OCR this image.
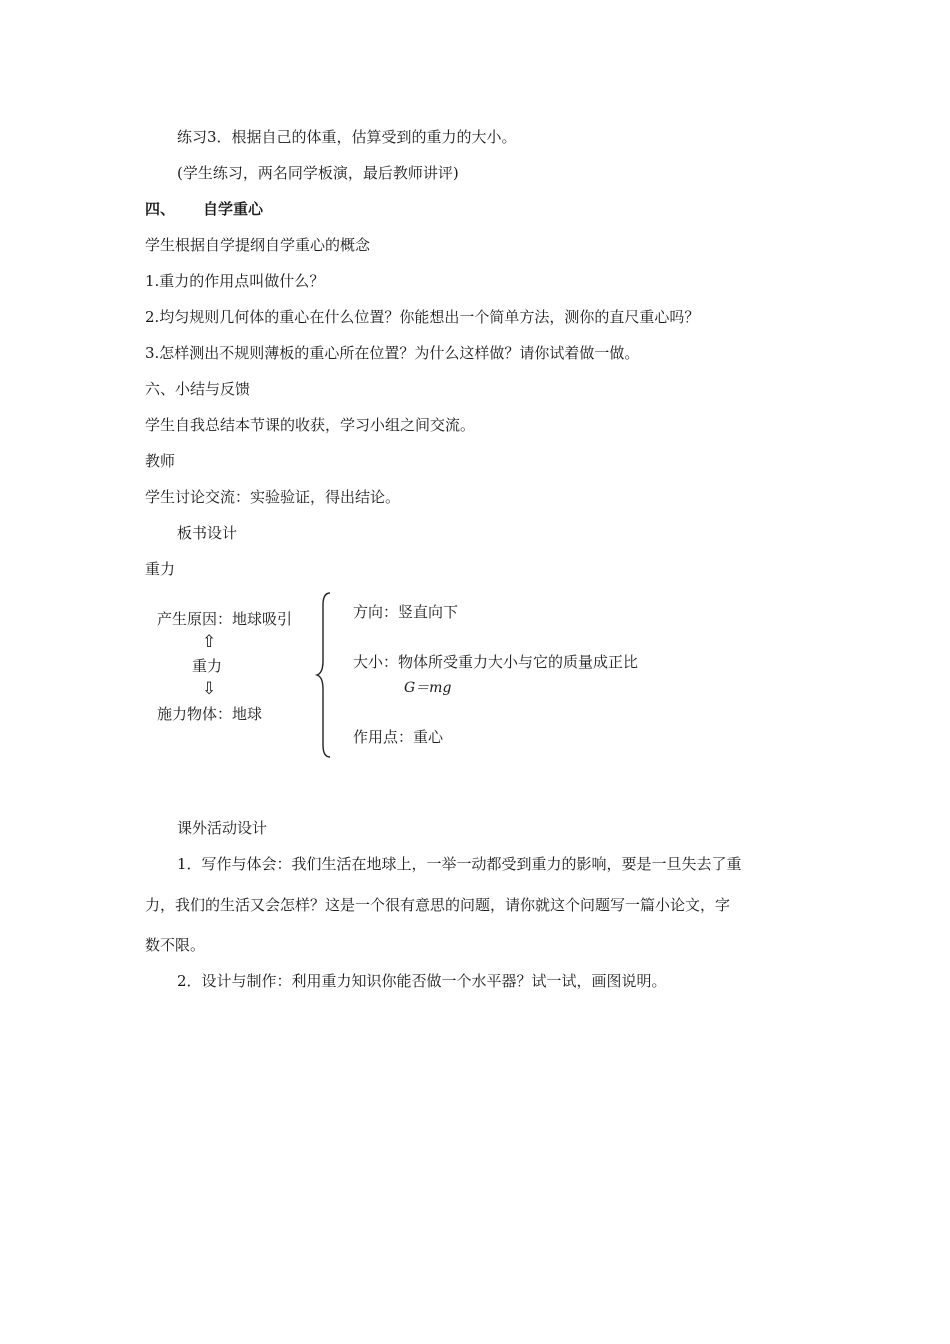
练习3．根据自己的体重，估算受到的重力的大小。
(学生练习，两名同学板演，最后教师讲评)
四、 自学重心
学生根据自学提纲自学重心的概念
1.重力的作用点叫做什么？
2.均匀规则几何体的重心在什么位置？你能想出一个简单方法，测你的直尺重心吗？
3.怎样测出不规则薄板的重心所在位置？为什么这样做？请你试着做一做。
六、小结与反馈
学生自我总结本节课的收获，学习小组之间交流。
教师
学生讨论交流：实验验证，得出结论。
板书设计
重力
产生原因：地球吸引
⇧
重力
⇩
施力物体：地球
方向：竖直向下
大小：物体所受重力大小与它的质量成正比
G＝mg
作用点：重心
课外活动设计
1．写作与体会：我们生活在地球上，一举一动都受到重力的影响，要是一旦失去了重
力，我们的生活又会怎样？这是一个很有意思的问题，请你就这个问题写一篇小论文，字
数不限。
2．设计与制作：利用重力知识你能否做一个水平器？试一试，画图说明。
